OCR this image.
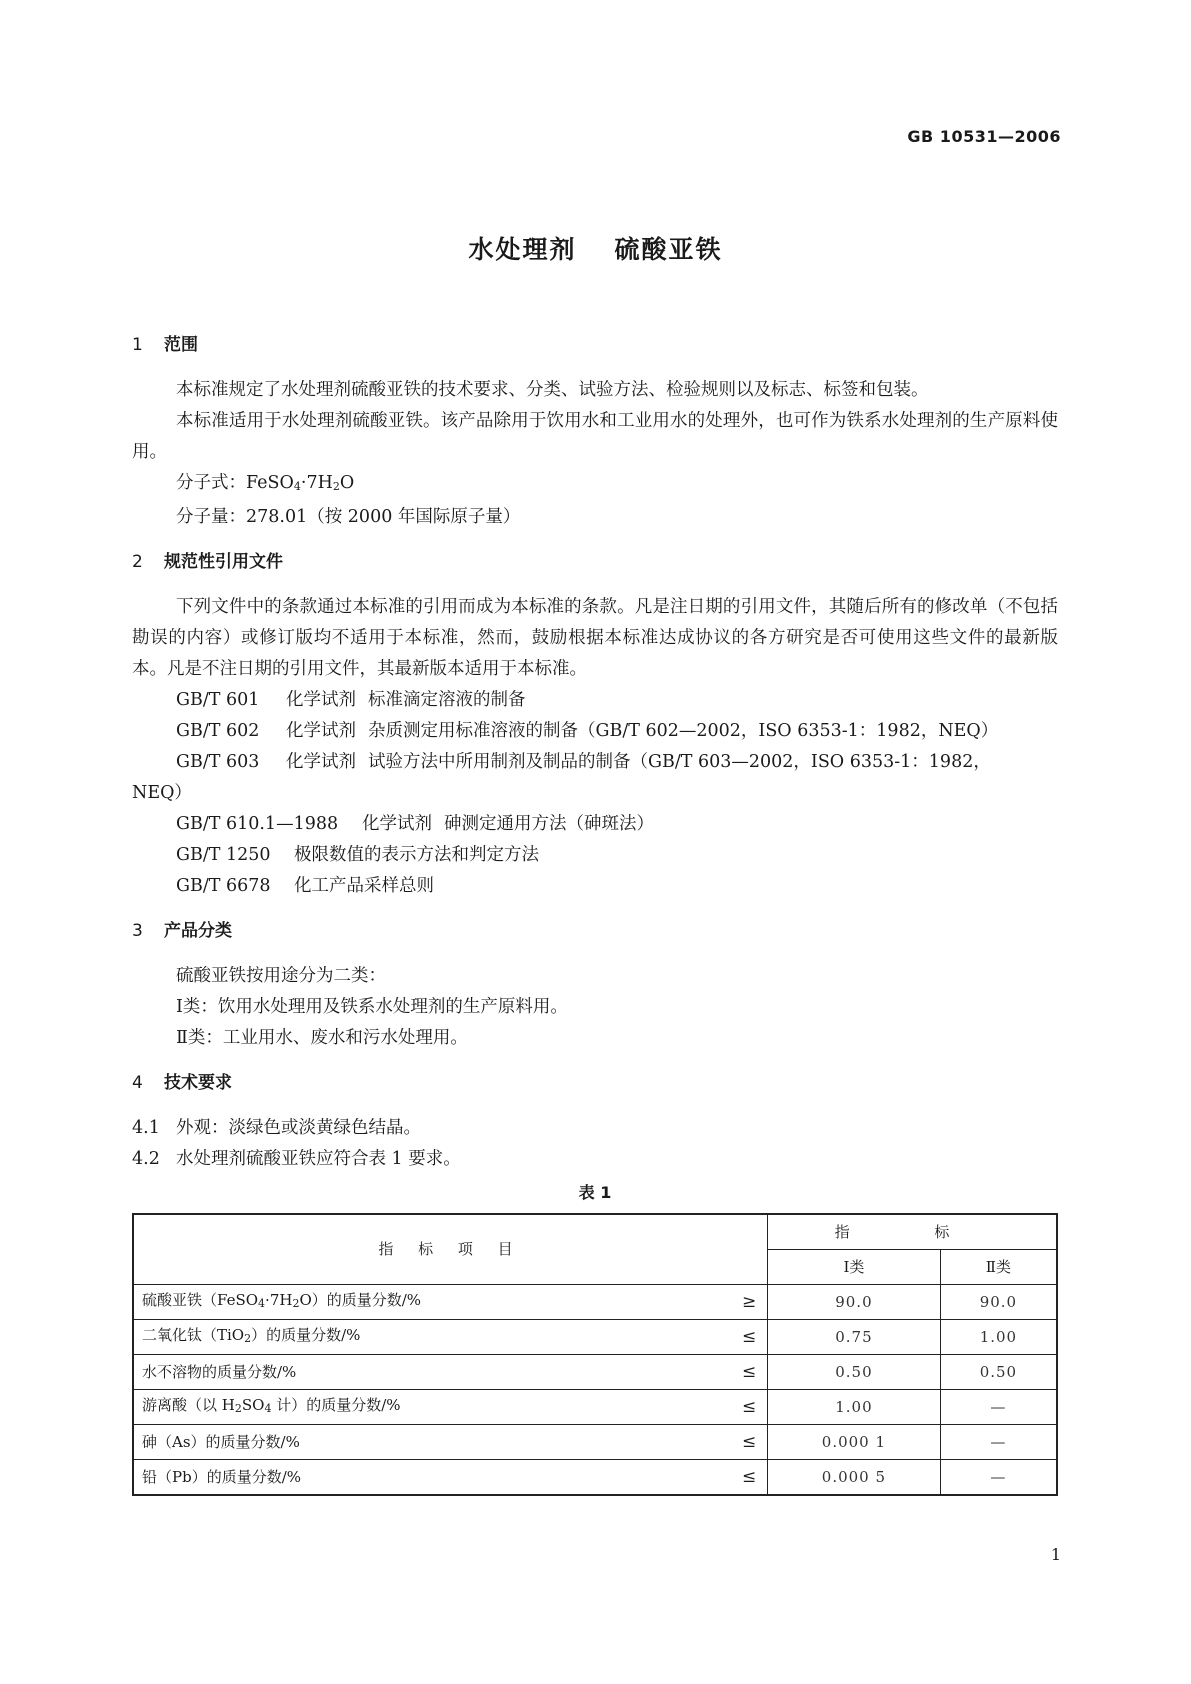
GB 10531—2006
水处理剂 硫酸亚铁
1 范围

本标准规定了水处理剂硫酸亚铁的技术要求、分类、试验方法、检验规则以及标志、标签和包装。

本标准适用于水处理剂硫酸亚铁。该产品除用于饮用水和工业用水的处理外，也可作为铁系水处理剂的生产原料使用。

分子式：FeSO4·7H2O

分子量：278.01（按 2000 年国际原子量）

2 规范性引用文件

下列文件中的条款通过本标准的引用而成为本标准的条款。凡是注日期的引用文件，其随后所有的修改单（不包括勘误的内容）或修订版均不适用于本标准，然而，鼓励根据本标准达成协议的各方研究是否可使用这些文件的最新版本。凡是不注日期的引用文件，其最新版本适用于本标准。

GB/T 601 化学试剂 标准滴定溶液的制备

GB/T 602 化学试剂 杂质测定用标准溶液的制备（GB/T 602—2002，ISO 6353-1：1982，NEQ）

GB/T 603 化学试剂 试验方法中所用制剂及制品的制备（GB/T 603—2002，ISO 6353-1：1982，

NEQ）

GB/T 610.1—1988 化学试剂 砷测定通用方法（砷斑法）

GB/T 1250 极限数值的表示方法和判定方法

GB/T 6678 化工产品采样总则

3 产品分类

硫酸亚铁按用途分为二类：

Ⅰ类：饮用水处理用及铁系水处理剂的生产原料用。

Ⅱ类：工业用水、废水和污水处理用。

4 技术要求

4.1 外观：淡绿色或淡黄绿色结晶。

4.2 水处理剂硫酸亚铁应符合表 1 要求。

表 1
指 标 项 目		指 标	
		Ⅰ类	Ⅱ类
硫酸亚铁（FeSO4·7H2O）的质量分数/%	≥	90.0	90.0
二氧化钛（TiO2）的质量分数/%	≤	0.75	1.00
水不溶物的质量分数/%	≤	0.50	0.50
游离酸（以 H2SO4 计）的质量分数/%	≤	1.00	—
砷（As）的质量分数/%	≤	0.000 1	—
铅（Pb）的质量分数/%	≤	0.000 5	—
1
